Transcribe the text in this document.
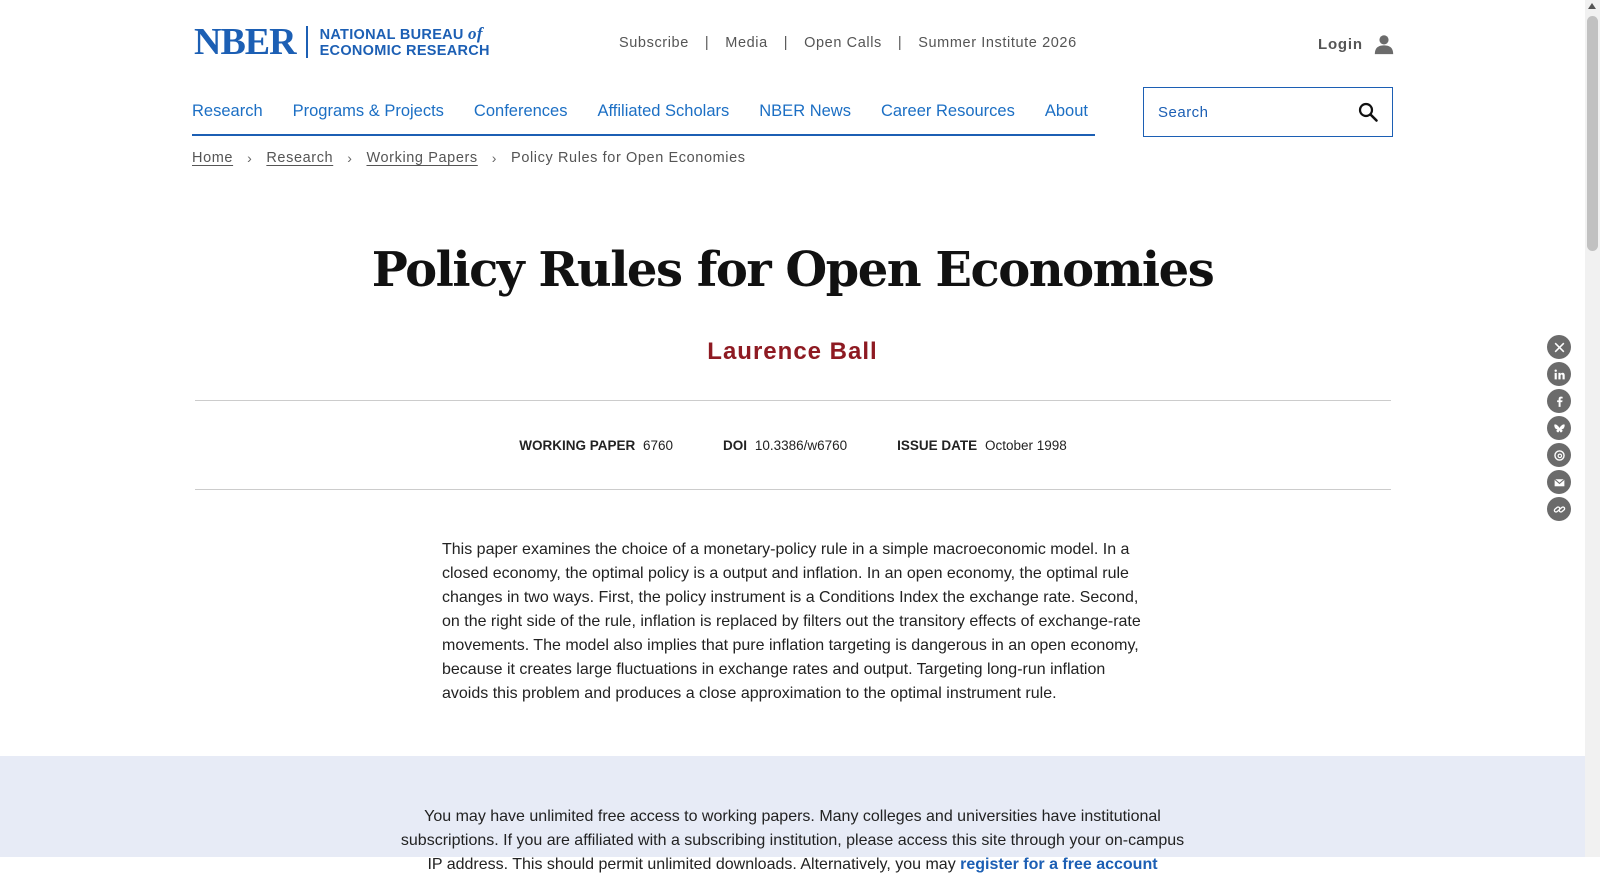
NBER NATIONAL BUREAU of
ECONOMIC RESEARCH	Subscribe | Media | Open Calls | Summer Institute 2026	Login
Research Programs & Projects Conferences Affiliated Scholars NBER News Career Resources About
Search
Home › Research › Working Papers › Policy Rules for Open Economies
Policy Rules for Open Economies
Laurence Ball
WORKING PAPER 6760	DOI 10.3386/w6760	ISSUE DATE October 1998

This paper examines the choice of a monetary-policy rule in a simple macroeconomic model. In a closed economy, the optimal policy is a output and inflation. In an open economy, the optimal rule changes in two ways. First, the policy instrument is a Conditions Index the exchange rate. Second, on the right side of the rule, inflation is replaced by filters out the transitory effects of exchange-rate movements. The model also implies that pure inflation targeting is dangerous in an open economy, because it creates large fluctuations in exchange rates and output. Targeting long-run inflation avoids this problem and produces a close approximation to the optimal instrument rule.

You may have unlimited free access to working papers. Many colleges and universities have institutional
subscriptions. If you are affiliated with a subscribing institution, please access this site through your on-campus
IP address. This should permit unlimited downloads. Alternatively, you may register for a free account
